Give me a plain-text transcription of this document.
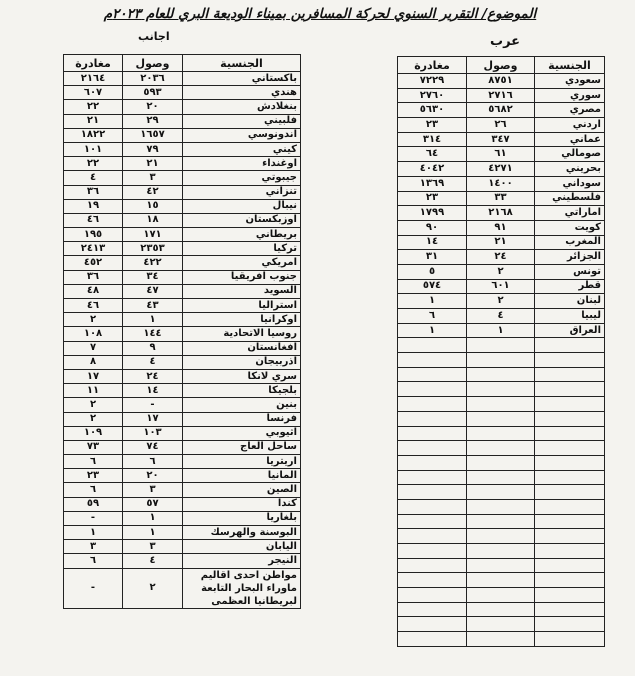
الموضوع/ التقرير السنوي لحركة المسافرين بميناء الوديعة البري للعام ٢٠٢٣م
اجانب	عرب
الجنسية	وصول	مغادرة
باكستاني	٢٠٣٦	٢١٦٤
هندي	٥٩٣	٦٠٧
بنغلادش	٢٠	٢٢
فلبيني	٢٩	٢١
اندونوسي	١٦٥٧	١٨٢٢
كيني	٧٩	١٠١
اوغنداء	٢١	٢٢
جيبوتي	٣	٤
تنزاني	٤٢	٣٦
نيبال	١٥	١٩
اوزبكستان	١٨	٤٦
بريطاني	١٧١	١٩٥
تركيا	٢٣٥٣	٢٤١٣
امريكي	٤٢٢	٤٥٢
جنوب افريقيا	٣٤	٣٦
السويد	٤٧	٤٨
استراليا	٤٣	٤٦
اوكرانيا	١	٢
روسيا الاتحادية	١٤٤	١٠٨
افغانستان	٩	٧
اذربيجان	٤	٨
سري لانكا	٢٤	١٧
بلجيكا	١٤	١١
بنين	-	٢
فرنسا	١٧	٢
اثيوبي	١٠٣	١٠٩
ساحل العاج	٧٤	٧٣
اريتريا	٦	٦
المانيا	٢٠	٢٣
الصين	٣	٦
كندا	٥٧	٥٩
بلغاريا	١	-
البوسنة والهرسك	١	١
اليابان	٣	٣
النيجر	٤	٦
مواطن احدى اقاليم ماوراء البحار التابعة لبريطانيا العظمى	٢	-
الجنسية	وصول	مغادرة
سعودي	٨٧٥١	٧٢٢٩
سوري	٢٧١٦	٢٧٦٠
مصري	٥٦٨٢	٥٦٣٠
اردني	٢٦	٢٣
عماني	٣٤٧	٣١٤
صومالي	٦١	٦٤
بحريني	٤٢٧١	٤٠٤٢
سوداني	١٤٠٠	١٣٦٩
فلسطيني	٣٣	٢٣
اماراتي	٢١٦٨	١٧٩٩
كويت	٩١	٩٠
المغرب	٢١	١٤
الجزائر	٢٤	٣١
تونس	٢	٥
قطر	٦٠١	٥٧٤
لبنان	٢	١
ليبيا	٤	٦
العراق	١	١
